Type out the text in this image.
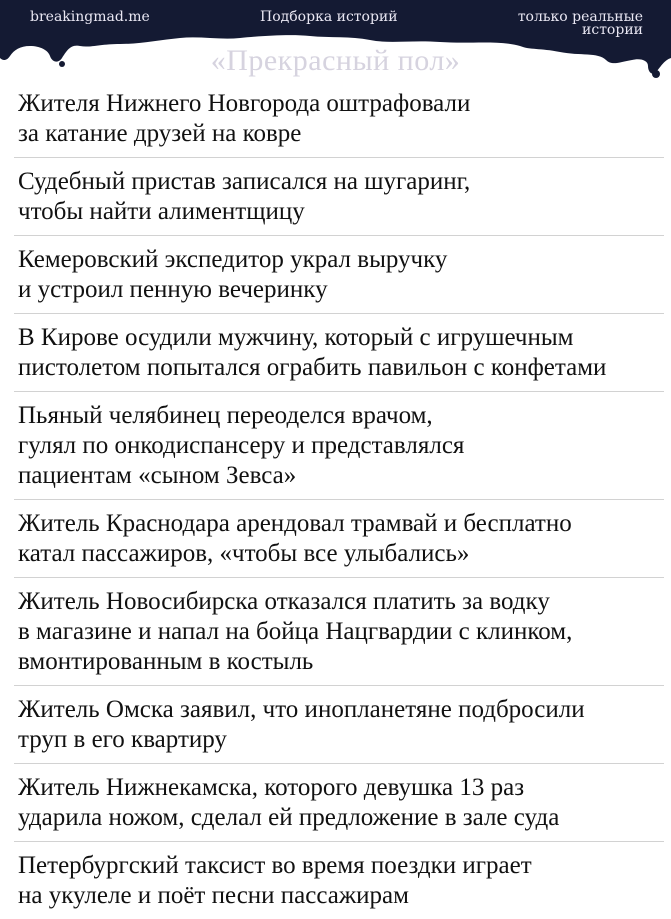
breakingmad.me	Подборка историй	только реальные
истории
«Прекрасный пол»
Жителя Нижнего Новгорода оштрафовали
за катание друзей на ковре
Судебный пристав записался на шугаринг,
чтобы найти алиментщицу
Кемеровский экспедитор украл выручку
и устроил пенную вечеринку
В Кирове осудили мужчину, который с игрушечным
пистолетом попытался ограбить павильон с конфетами
Пьяный челябинец переоделся врачом,
гулял по онкодиспансеру и представлялся
пациентам «сыном Зевса»
Житель Краснодара арендовал трамвай и бесплатно
катал пассажиров, «чтобы все улыбались»
Житель Новосибирска отказался платить за водку
в магазине и напал на бойца Нацгвардии с клинком,
вмонтированным в костыль
Житель Омска заявил, что инопланетяне подбросили
труп в его квартиру
Житель Нижнекамска, которого девушка 13 раз
ударила ножом, сделал ей предложение в зале суда
Петербургский таксист во время поездки играет
на укулеле и поёт песни пассажирам
